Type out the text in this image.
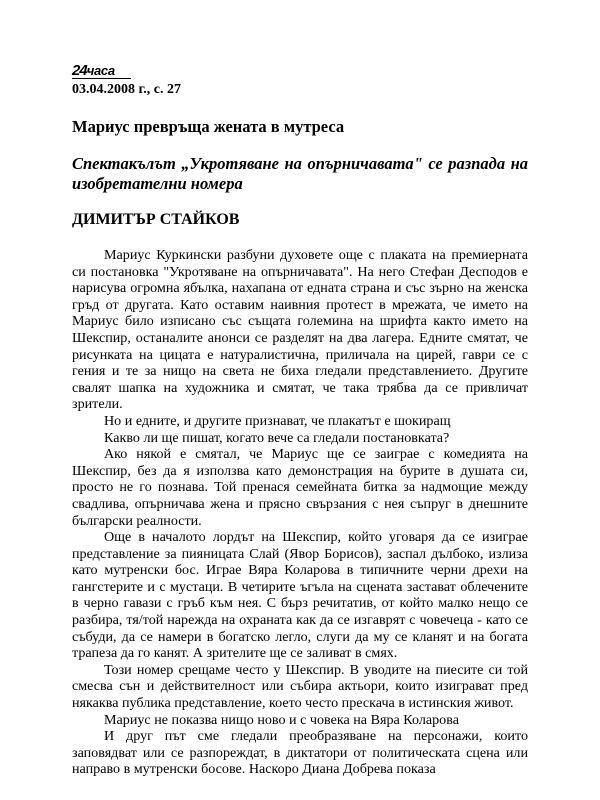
24часа
03.04.2008 г., с. 27
Мариус превръща жената в мутреса
Спектакълът „Укротяване на опърничавата" се разпада на изобретателни номера
ДИМИТЪР СТАЙКОВ

Мариус Куркински разбуни духовете още с плаката на премиерната си постановка "Укротяване на опърничавата". На него Стефан Десподов е нарисува огромна ябълка, нахапана от едната страна и със зърно на женска гръд от другата. Като оставим наивния протест в мрежата, че името на Мариус било изписано със същата големина на шрифта както името на Шекспир, останалите анонси се разделят на два лагера. Едните смятат, че рисунката на цицата е натуралистична, приличала на цирей, гаври се с гения и те за нищо на света не биха гледали представлението. Другите свалят шапка на художника и смятат, че така трябва да се привличат зрители.

Но и едните, и другите признават, че плакатът е шокиращ

Какво ли ще пишат, когато вече са гледали постановката?

Ако някой е смятал, че Мариус ще се заиграе с комедията на Шекспир, без да я използва като демонстрация на бурите в душата си, просто не го познава. Той пренася семейната битка за надмощие между свадлива, опърничава жена и прясно свързания с нея съпруг в днешните български реалности.

Още в началото лордът на Шекспир, който уговаря да се изиграе представление за пияницата Слай (Явор Борисов), заспал дълбоко, излиза като мутренски бос. Играе Вяра Коларова в типичните черни дрехи на гангстерите и с мустаци. В четирите ъгъла на сцената застават облечените в черно гавази с гръб към нея. С бърз речитатив, от който малко нещо се разбира, тя/той нарежда на охраната как да се изгаврят с човечеца - като се събуди, да се намери в богатско легло, слуги да му се кланят и на богата трапеза да го канят. А зрителите ще се заливат в смях.

Този номер срещаме често у Шекспир. В уводите на пиесите си той смесва сън и действителност или събира актьори, които изиграват пред някаква публика представление, което често прескача в истинския живот.

Мариус не показва нищо ново и с човека на Вяра Коларова

И друг път сме гледали преобразяване на персонажи, които заповядват или се разпореждат, в диктатори от политическата сцена или направо в мутренски босове. Наскоро Диана Добрева показа
